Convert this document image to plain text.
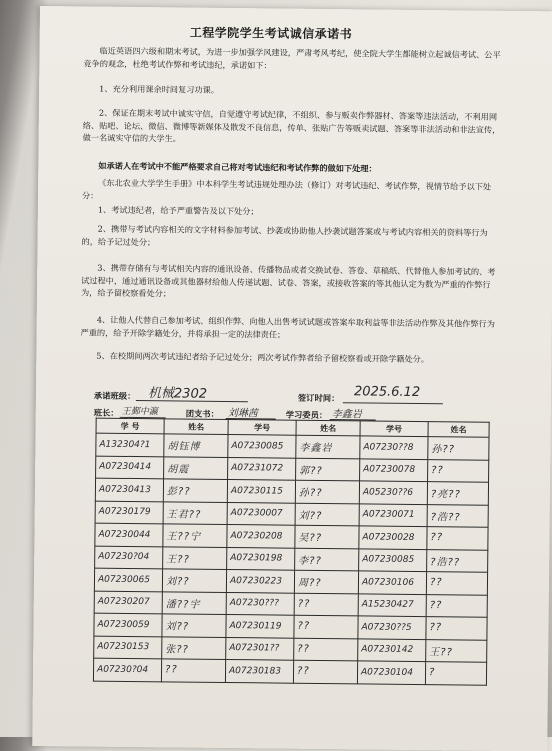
工程学院学生考试诚信承诺书
临近英语四六级和期末考试，为进一步加强学风建设，严肃考风考纪，使全院大学生都能树立起诚信考试、公平竞争的观念，杜绝考试作弊和考试违纪，承诺如下：
1、充分利用课余时间复习功课。
2、保证在期末考试中诚实守信，自觉遵守考试纪律，不组织、参与贩卖作弊器材、答案等违法活动，不利用网络、贴吧、论坛、微信、微博等新媒体及散发不良信息，传单、张贴广告等贩卖试题、答案等非法活动和非法宣传，做一名诚实守信的大学生。
如承诺人在考试中不能严格要求自己将对考试违纪和考试作弊的做如下处理：
《东北农业大学学生手册》中本科学生考试违规处理办法（修订）对考试违纪、考试作弊，视情节给予以下处分：
1、考试违纪者，给予严重警告及以下处分；
2、携带与考试内容相关的文字材料参加考试、抄袭或协助他人抄袭试题答案或与考试内容相关的资料等行为的，给予记过处分；
3、携带存储有与考试相关内容的通讯设备、传播物品或者交换试卷、答卷、草稿纸、代替他人参加考试的、考试过程中，通过通讯设备或其他器材给他人传递试题、试卷、答案，或接收答案的等其他认定为数为严重的作弊行为，给予留校察看处分；
4、让他人代替自己参加考试、组织作弊、向他人出售考试试题或答案牟取利益等非法活动作弊及其他作弊行为严重的，给予开除学籍处分，并将承担一定的法律责任；
5、在校期间两次考试违纪者给予记过处分；两次考试作弊者给予留校察看或开除学籍处分。
承诺班级： 机械2302	签订时间： 2025.6.12
班长： 王鄞中瀛	团支书： 刘琳茜	学习委员： 李鑫岩
学 号	姓名	学号	姓名	学号	姓名
A132304?1	胡钰博	A07230085	李鑫岩	A07230??8	孙??
A07230414	胡震	A07231072	郭??	A07230078	??
A07230413	彭??	A07230115	孙??	A05230??6	?亮??
A07230179	王君??	A07230007	刘??	A07230071	?浩??
A07230044	王??宁	A07230208	吴??	A07230028	??
A07230?04	王??	A07230198	李??	A07230085	?浩??
A07230065	刘??	A07230223	周??	A07230106	??
A07230207	潘??宇	A07230???	??	A15230427	??
A07230059	刘??	A07230119	??	A07230??5	??
A07230153	张??	A072301??	??	A07230142	王??
A07230?04	??	A07230183	??	A07230104	?
